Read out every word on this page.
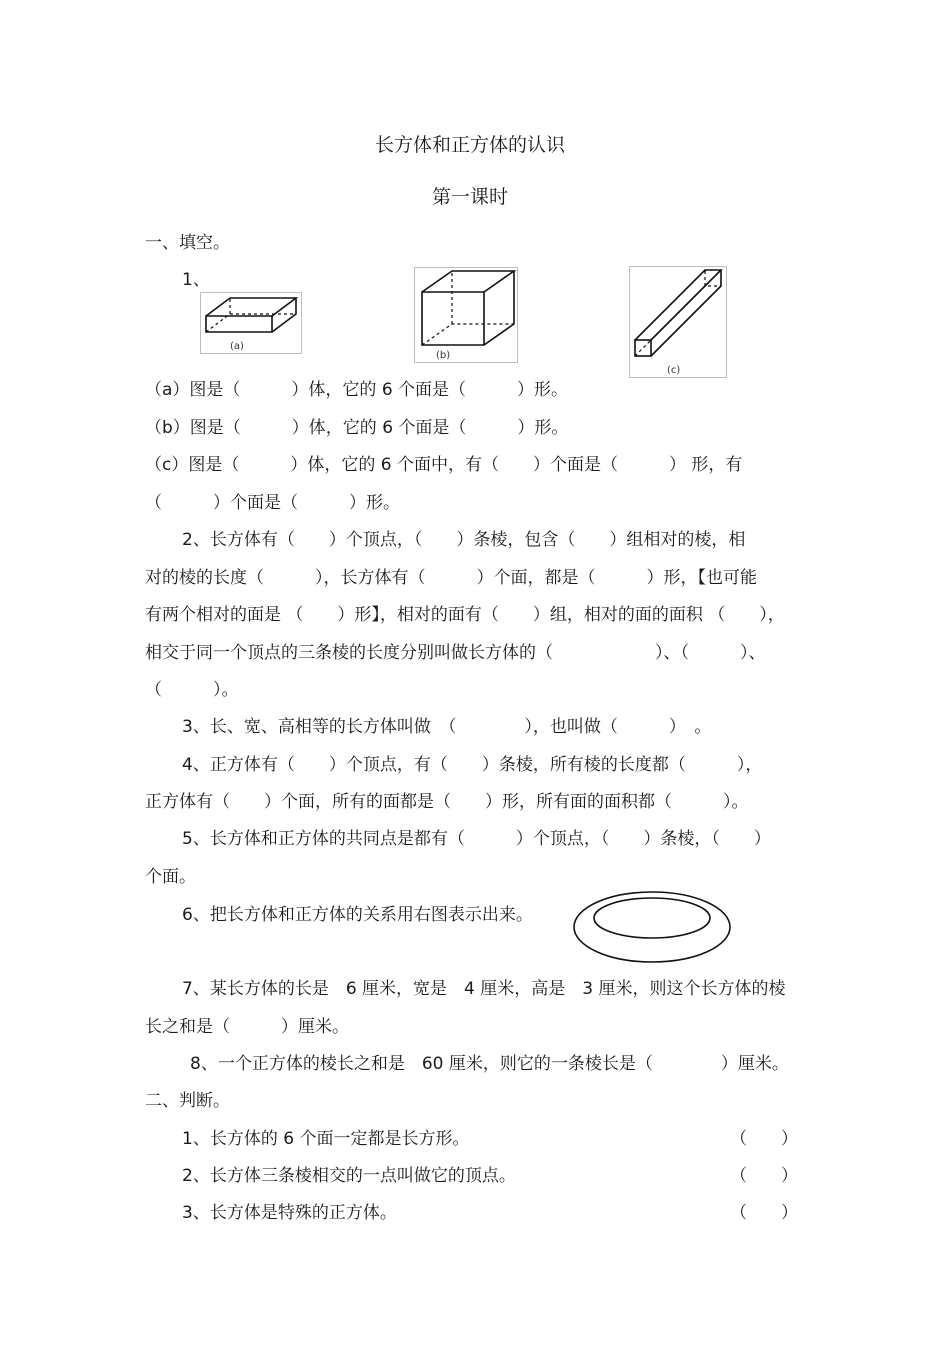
长方体和正方体的认识
第一课时
一、填空。
1、
(a)
(b)
(c)
（a）图是（　　　）体，它的 6 个面是（　　　）形。
（b）图是（　　　）体，它的 6 个面是（　　　）形。
（c）图是（　　　）体，它的 6 个面中，有（　　）个面是（　　　） 形，有
（　　　）个面是（　　　）形。
2、长方体有（　　）个顶点，（　　）条棱，包含（　　）组相对的棱，相
对的棱的长度（　　　），长方体有（　　　）个面，都是（　　　）形，【也可能
有两个相对的面是 （　　）形】，相对的面有（　　）组，相对的面的面积 （　　），
相交于同一个顶点的三条棱的长度分别叫做长方体的（　　　　　　）、（　　　）、
（　　　）。
3、长、宽、高相等的长方体叫做　（　　　　），也叫做（　　　）　。
4、正方体有（　　）个顶点，有（　　）条棱，所有棱的长度都（　　　），
正方体有（　　）个面，所有的面都是（　　）形，所有面的面积都（　　　）。
5、长方体和正方体的共同点是都有（　　　）个顶点，（　　）条棱，（　　）
个面。
6、把长方体和正方体的关系用右图表示出来。
7、某长方体的长是　6 厘米，宽是　4 厘米，高是　3 厘米，则这个长方体的棱
长之和是（　　　）厘米。
8、一个正方体的棱长之和是　60 厘米，则它的一条棱长是（　　　　）厘米。
二、判断。
1、长方体的 6 个面一定都是长方形。	（　　）
2、长方体三条棱相交的一点叫做它的顶点。	（　　）
3、长方体是特殊的正方体。	（　　）
